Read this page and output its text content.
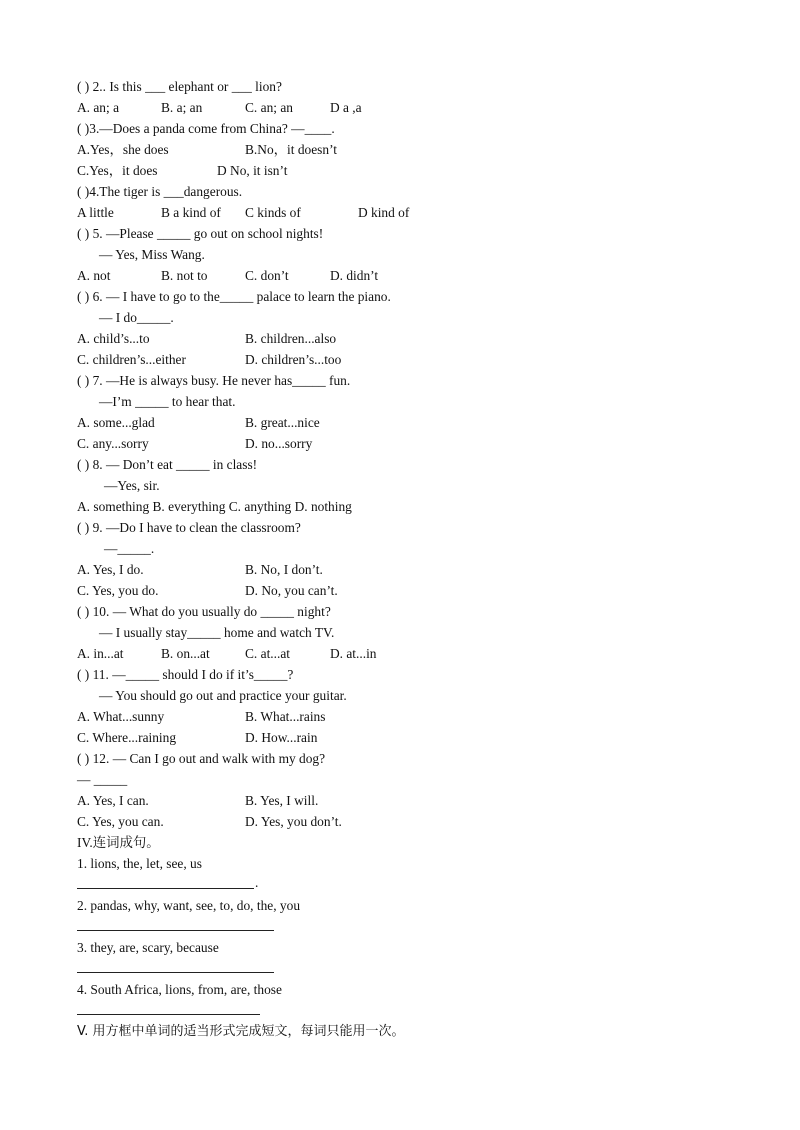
( ) 2.. Is this ___ elephant or ___ lion?
A. an; a	B. a; an	C. an; an	D a ,a
( )3.—Does a panda come from China? —____.
A.Yes，she does	B.No，it doesn’t
C.Yes，it does	D No, it isn’t
( )4.The tiger is ___dangerous.
A little	B a kind of C kinds of	D kind of
( ) 5. —Please _____ go out on school nights!
— Yes, Miss Wang.
A. not	B. not to	C. don’t	D. didn’t
( ) 6. — I have to go to the_____ palace to learn the piano.
— I do_____.
A. child’s...to	B. children...also
C. children’s...either	D. children’s...too
( ) 7. —He is always busy. He never has_____ fun.
—I’m _____ to hear that.
A. some...glad	B. great...nice
C. any...sorry	D. no...sorry
( ) 8. — Don’t eat _____ in class!
—Yes, sir.
A. something B. everything C. anything D. nothing
( ) 9. —Do I have to clean the classroom?
—_____.
A. Yes, I do.	B. No, I don’t.
C. Yes, you do.	D. No, you can’t.
( ) 10. — What do you usually do _____ night?
— I usually stay_____ home and watch TV.
A. in...at	B. on...at	C. at...at	D. at...in
( ) 11. —_____ should I do if it’s_____?
— You should go out and practice your guitar.
A. What...sunny	B. What...rains
C. Where...raining	D. How...rain
( ) 12. — Can I go out and walk with my dog?
— _____
A. Yes, I can.	B. Yes, I will.
C. Yes, you can.	D. Yes, you don’t.
IV.连词成句。
1. lions, the, let, see, us
.
2. pandas, why, want, see, to, do, the, you
3. they, are, scary, because
4. South Africa, lions, from, are, those
V. 用方框中单词的适当形式完成短文，每词只能用一次。
